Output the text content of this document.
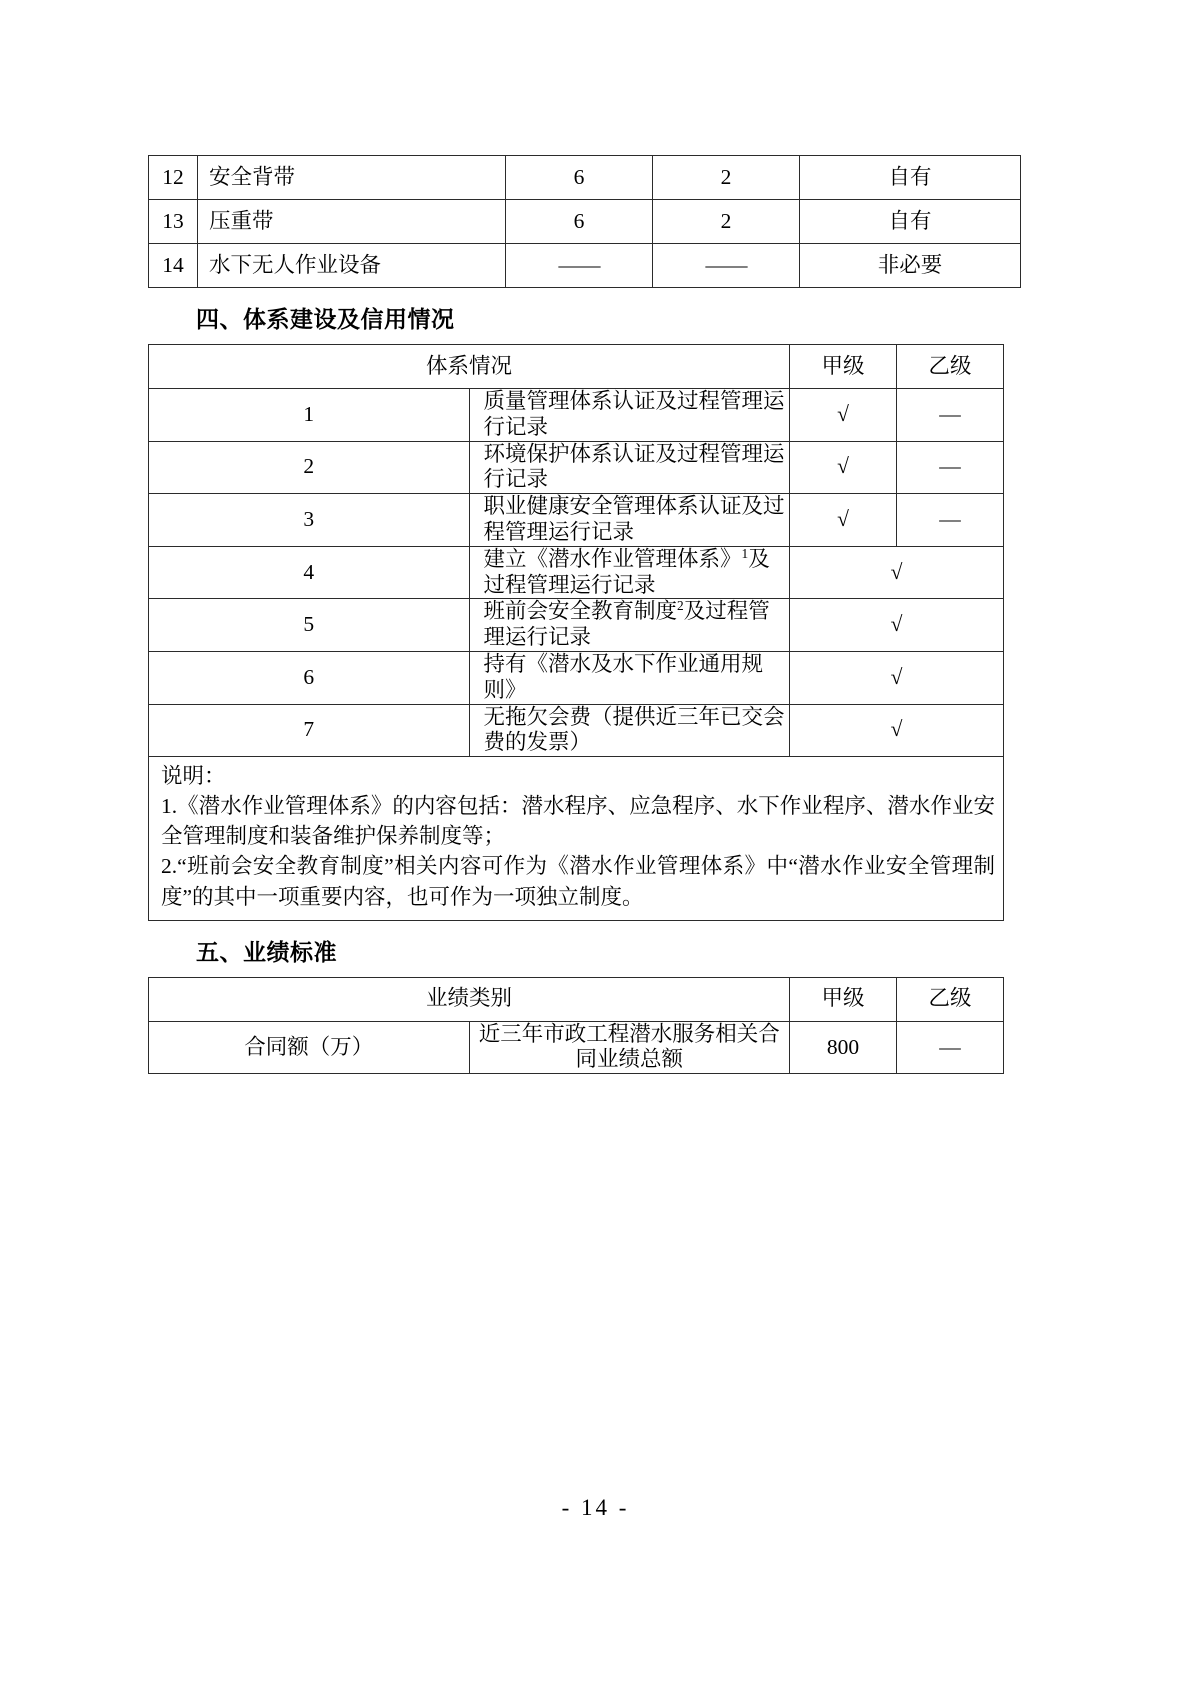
12	安全背带	6	2	自有
13	压重带	6	2	自有
14	水下无人作业设备	——	——	非必要
四、体系建设及信用情况
体系情况		甲级	乙级
1	质量管理体系认证及过程管理运行记录	√	—
2	环境保护体系认证及过程管理运行记录	√	—
3	职业健康安全管理体系认证及过程管理运行记录	√	—
4	建立《潜水作业管理体系》$^1$及过程管理运行记录	√	
5	班前会安全教育制度$^2$及过程管理运行记录	√	
6	持有《潜水及水下作业通用规则》	√	
7	无拖欠会费（提供近三年已交会费的发票）	√	

说明：

1.《潜水作业管理体系》的内容包括：潜水程序、应急程序、水下作业程序、潜水作业安全管理制度和装备维护保养制度等；

2.“班前会安全教育制度”相关内容可作为《潜水作业管理体系》中“潜水作业安全管理制度”的其中一项重要内容，也可作为一项独立制度。			

五、业绩标准
业绩类别		甲级	乙级
合同额（万）	近三年市政工程潜水服务相关合同业绩总额	800	—
- 14 -
